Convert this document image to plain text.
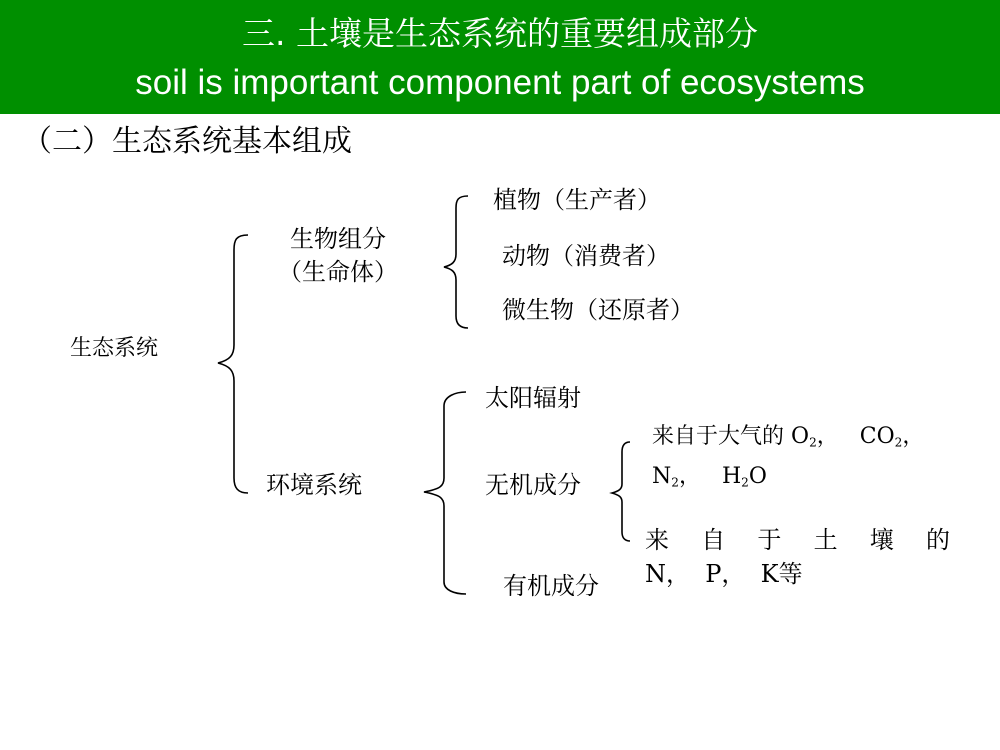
三. 土壤是生态系统的重要组成部分
soil is important component part of ecosystems
（二）生态系统基本组成
生态系统
生物组分
（生命体）
植物（生产者）
动物（消费者）
微生物（还原者）
环境系统
太阳辐射
无机成分
有机成分
来自于大气的 $O_2$， $CO_2$，
$N_2$， $H_2O$
来 自 于 土 壤 的
N，  P，  K等
